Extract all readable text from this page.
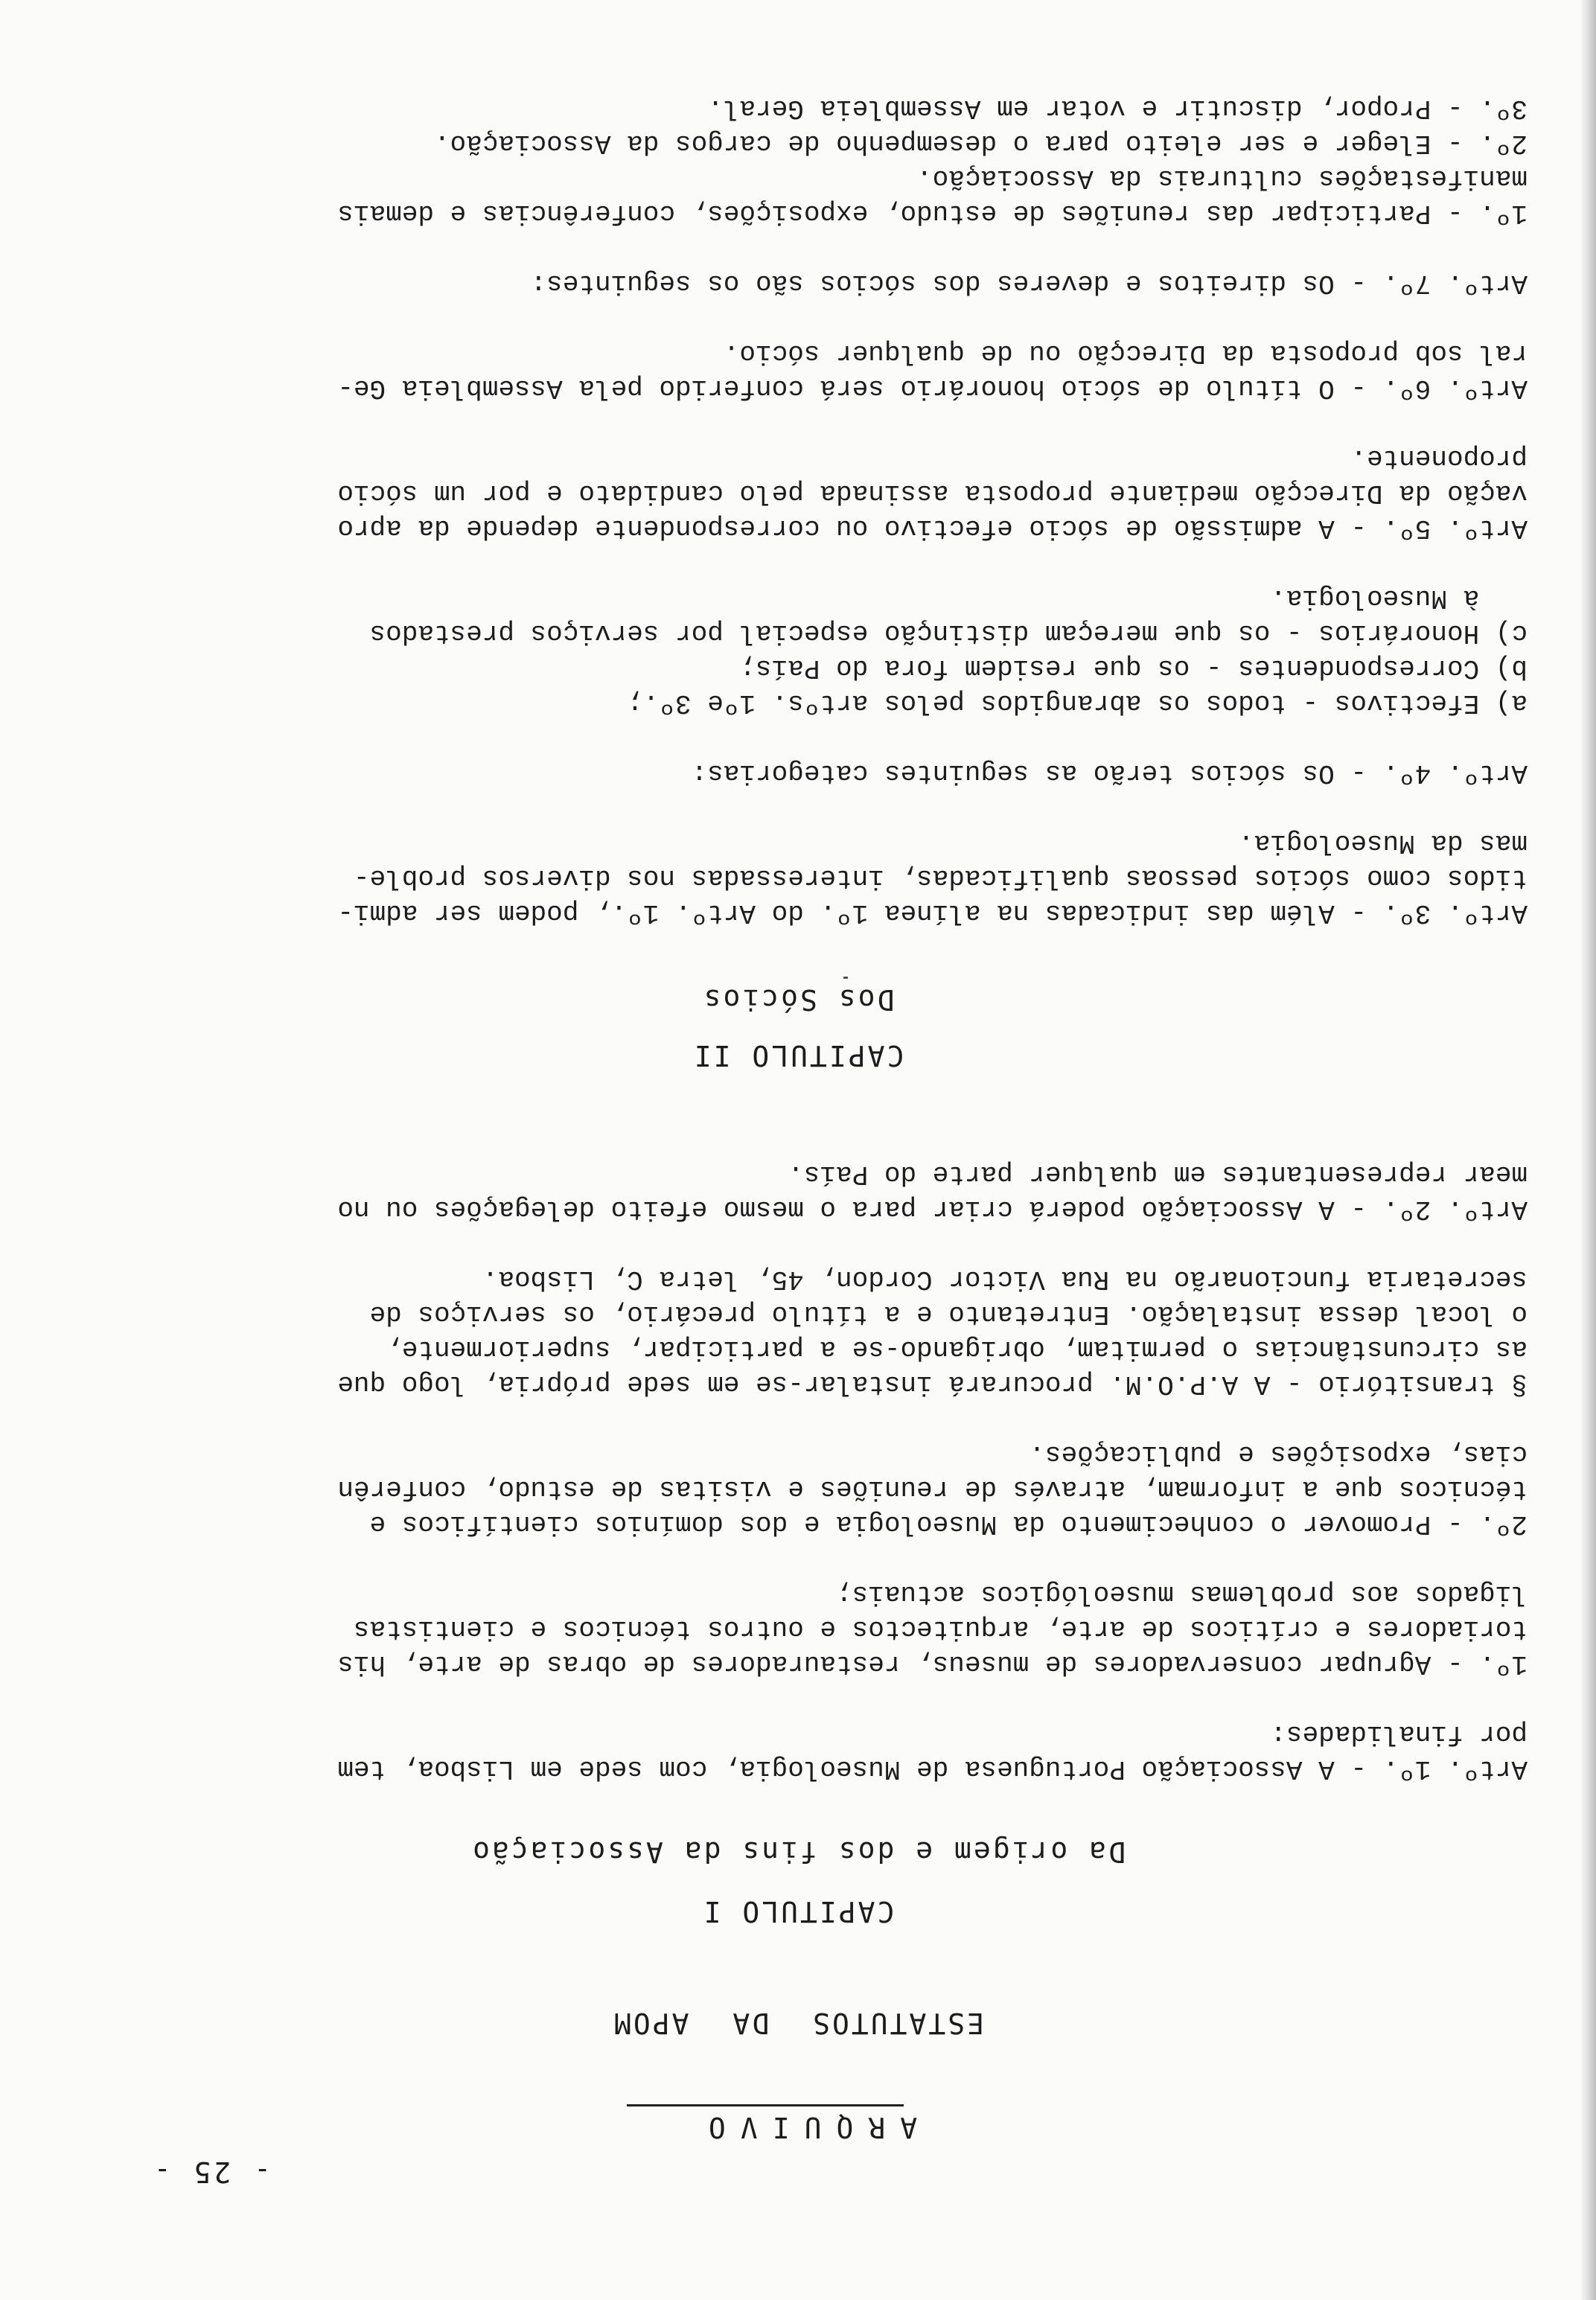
- 25 -
ARQUIVO
ESTATUTOS DA APOM
CAPITULO I
Da origem e dos fins da Associação
Artº. 1º. - A Associação Portuguesa de Museologia, com sede em Lisboa, tem
por finalidades:

1º. - Agrupar conservadores de museus, restauradores de obras de arte, his
toriadores e críticos de arte, arquitectos e outros técnicos e cientistas
ligados aos problemas museológicos actuais;

2º. - Promover o conhecimento da Museologia e dos domínios científicos e
técnicos que a informam, através de reuniões e visitas de estudo, conferên
cias, exposições e publicações.

§ transitório - A A.P.O.M. procurará instalar-se em sede própria, logo que
as circunstâncias o permitam, obrigando-se a participar, superiormente,
o local dessa instalação. Entretanto e a título precário, os serviços de
secretaria funcionarão na Rua Victor Cordon, 45, letra C, Lisboa.

Artº. 2º. - A Associação poderá criar para o mesmo efeito delegações ou no
mear representantes em qualquer parte do País.
CAPITULO II
Dos Sócios
Artº. 3º. - Além das indicadas na alínea 1º. do Artº. 1º., podem ser admi-
tidos como sócios pessoas qualificadas, interessadas nos diversos proble-
mas da Museologia.

Artº. 4º. - Os sócios terão as seguintes categorias:

a) Efectivos - todos os abrangidos pelos artºs. 1ºe 3º.;
b) Correspondentes - os que residem fora do País;
c) Honorários - os que mereçam distinção especial por serviços prestados
à Museologia.

Artº. 5º. - A admissão de sócio efectivo ou correspondente depende da apro
vação da Direcção mediante proposta assinada pelo candidato e por um sócio
proponente.

Artº. 6º. - O título de sócio honorário será conferido pela Assembleia Ge-
ral sob proposta da Direcção ou de qualquer sócio.

Artº. 7º. - Os direitos e deveres dos sócios são os seguintes:

1º. - Participar das reuniões de estudo, exposições, conferências e demais
manifestações culturais da Associação.
2º. - Eleger e ser eleito para o desempenho de cargos da Associação.
3º. - Propor, discutir e votar em Assembleia Geral.
